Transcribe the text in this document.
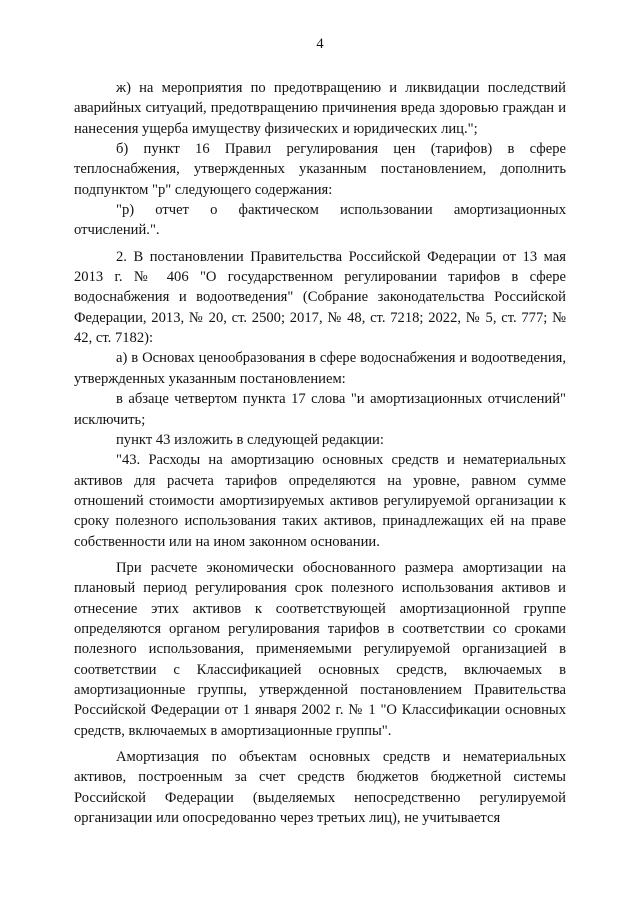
4

ж) на мероприятия по предотвращению и ликвидации последствий аварийных ситуаций, предотвращению причинения вреда здоровью граждан и нанесения ущерба имуществу физических и юридических лиц.";

б) пункт 16 Правил регулирования цен (тарифов) в сфере теплоснабжения, утвержденных указанным постановлением, дополнить подпунктом "р" следующего содержания:

"р) отчет о фактическом использовании амортизационных отчислений.".

2. В постановлении Правительства Российской Федерации от 13 мая 2013 г. № 406 "О государственном регулировании тарифов в сфере водоснабжения и водоотведения" (Собрание законодательства Российской Федерации, 2013, № 20, ст. 2500; 2017, № 48, ст. 7218; 2022, № 5, ст. 777; № 42, ст. 7182):

а) в Основах ценообразования в сфере водоснабжения и водоотведения, утвержденных указанным постановлением:

в абзаце четвертом пункта 17 слова "и амортизационных отчислений" исключить;

пункт 43 изложить в следующей редакции:

"43. Расходы на амортизацию основных средств и нематериальных активов для расчета тарифов определяются на уровне, равном сумме отношений стоимости амортизируемых активов регулируемой организации к сроку полезного использования таких активов, принадлежащих ей на праве собственности или на ином законном основании.

При расчете экономически обоснованного размера амортизации на плановый период регулирования срок полезного использования активов и отнесение этих активов к соответствующей амортизационной группе определяются органом регулирования тарифов в соответствии со сроками полезного использования, применяемыми регулируемой организацией в соответствии с Классификацией основных средств, включаемых в амортизационные группы, утвержденной постановлением Правительства Российской Федерации от 1 января 2002 г. № 1 "О Классификации основных средств, включаемых в амортизационные группы".

Амортизация по объектам основных средств и нематериальных активов, построенным за счет средств бюджетов бюджетной системы Российской Федерации (выделяемых непосредственно регулируемой организации или опосредованно через третьих лиц), не учитывается
